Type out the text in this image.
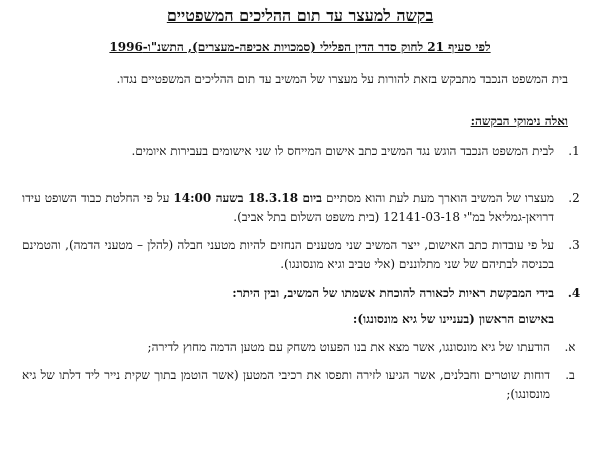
בקשה למעצר עד תום ההליכים המשפטיים
לפי סעיף 21 לחוק סדר הדין הפלילי (סמכויות אכיפה-מעצרים), התשנ"ו-1996
בית המשפט הנכבד מתבקש בזאת להורות על מעצרו של המשיב עד תום ההליכים המשפטיים נגדו.
ואלה נימוקי הבקשה:
1.
לבית המשפט הנכבד הוגש נגד המשיב כתב אישום המייחס לו שני אישומים בעבירות איומים.
2.
מעצרו של המשיב הוארך מעת לעת והוא מסתיים ביום 18.3.18 בשעה 14:00 על פי החלטת כבוד השופט עידו דרויאן-גמליאל במ"י 12141-03-18 (בית משפט השלום בתל אביב).
3.
על פי עובדות כתב האישום, ייצר המשיב שני מטענים הנחזים להיות מטעני חבלה (להלן – מטעני הדמה), והטמינם בכניסה לבתיהם של שני מתלוננים (אלי טביב וגיא מונסונגו).
4.
בידי המבקשת ראיות לכאורה להוכחת אשמתו של המשיב, ובין היתר:
באישום הראשון (בעניינו של גיא מונסונגו):
א.
הודעתו של גיא מונסונגו, אשר מצא את בנו הפעוט משחק עם מטען הדמה מחוץ לדירה;
ב.
דוחות שוטרים וחבלנים, אשר הגיעו לזירה ותפסו את רכיבי המטען (אשר הוטמן בתוך שקית נייר ליד דלתו של גיא מונסונגו);
